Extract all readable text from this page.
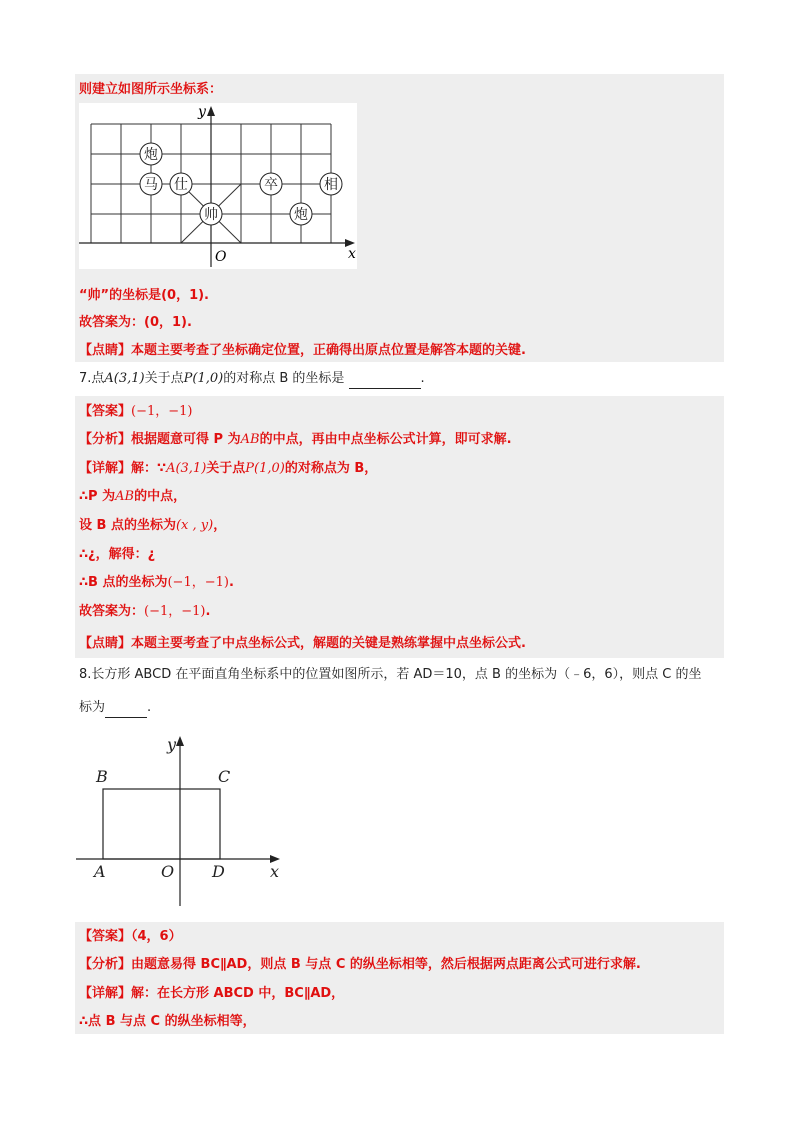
则建立如图所示坐标系：
x
y
O
炮
马 仕
帅
卒	相
炮
“帅”的坐标是(0，1).
故答案为：(0，1).
【点睛】本题主要考查了坐标确定位置，正确得出原点位置是解答本题的关键.
7.点A(3,1)关于点P(1,0)的对称点 B 的坐标是	.
【答案】(−1，−1)
【分析】根据题意可得 P 为AB的中点，再由中点坐标公式计算，即可求解.
【详解】解：∵A(3,1)关于点P(1,0)的对称点为 B，
∴P 为AB的中点，
设 B 点的坐标为(x , y)，
∴¿，解得：¿
∴B 点的坐标为(−1，−1).
故答案为：(−1，−1).
【点睛】本题主要考查了中点坐标公式，解题的关键是熟练掌握中点坐标公式.
8.长方形 ABCD 在平面直角坐标系中的位置如图所示，若 AD＝10，点 B 的坐标为（﹣6，6），则点 C 的坐
标为	.
y
x
B	C
A	O D
【答案】（4，6）
【分析】由题意易得 BC∥AD，则点 B 与点 C 的纵坐标相等，然后根据两点距离公式可进行求解.
【详解】解：在长方形 ABCD 中，BC∥AD，
∴点 B 与点 C 的纵坐标相等，
